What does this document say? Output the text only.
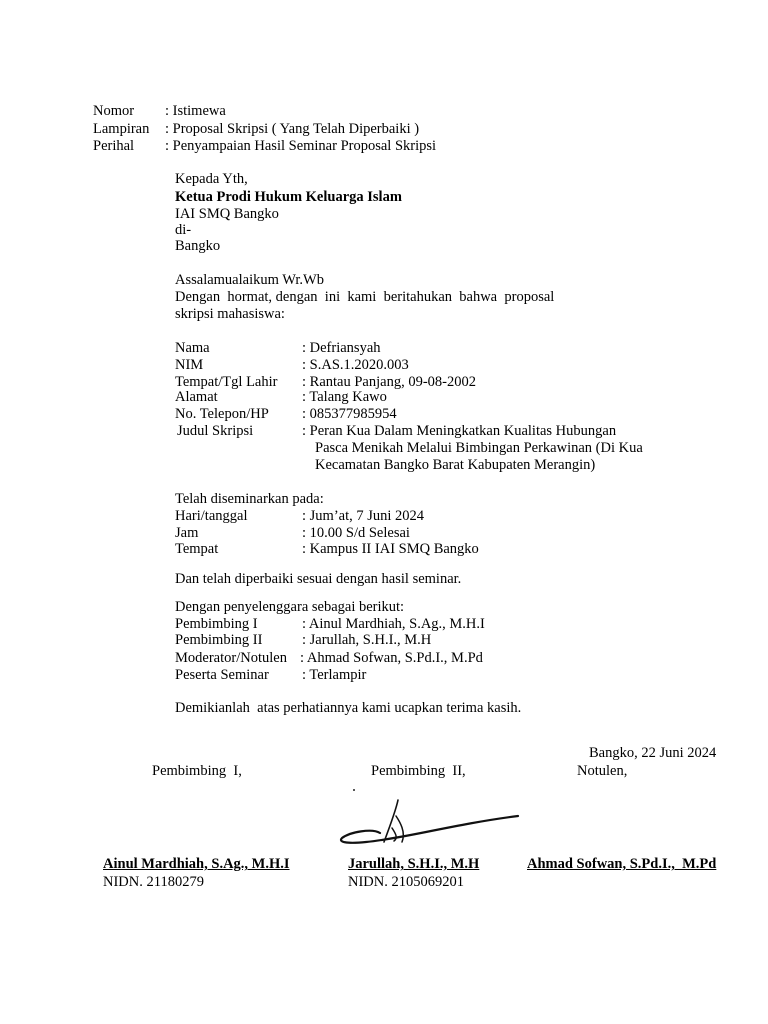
Nomor : Istimewa
Lampiran : Proposal Skripsi ( Yang Telah Diperbaiki )
Perihal : Penyampaian Hasil Seminar Proposal Skripsi
Kepada Yth,
Ketua Prodi Hukum Keluarga Islam
IAI SMQ Bangko
di-
Bangko
Assalamualaikum Wr.Wb
Dengan  hormat, dengan  ini  kami  beritahukan  bahwa  proposal
skripsi mahasiswa:
Nama	: Defriansyah
NIM	: S.AS.1.2020.003
Tempat/Tgl Lahir : Rantau Panjang, 09-08-2002
Alamat	: Talang Kawo
No. Telepon/HP : 085377985954
Judul Skripsi	: Peran Kua Dalam Meningkatkan Kualitas Hubungan
Pasca Menikah Melalui Bimbingan Perkawinan (Di Kua
Kecamatan Bangko Barat Kabupaten Merangin)
Telah diseminarkan pada:
Hari/tanggal	: Jum’at, 7 Juni 2024
Jam	: 10.00 S/d Selesai
Tempat	: Kampus II IAI SMQ Bangko
Dan telah diperbaiki sesuai dengan hasil seminar.
Dengan penyelenggara sebagai berikut:
Pembimbing I	: Ainul Mardhiah, S.Ag., M.H.I
Pembimbing II	: Jarullah, S.H.I., M.H
Moderator/Notulen : Ahmad Sofwan, S.Pd.I., M.Pd
Peserta Seminar : Terlampir
Demikianlah  atas perhatiannya kami ucapkan terima kasih.
Bangko, 22 Juni 2024
Pembimbing  I,	Pembimbing  II,	Notulen,
Ainul Mardhiah, S.Ag., M.H.I	Jarullah, S.H.I., M.H	Ahmad Sofwan, S.Pd.I.,  M.Pd
NIDN. 21180279	NIDN. 2105069201
